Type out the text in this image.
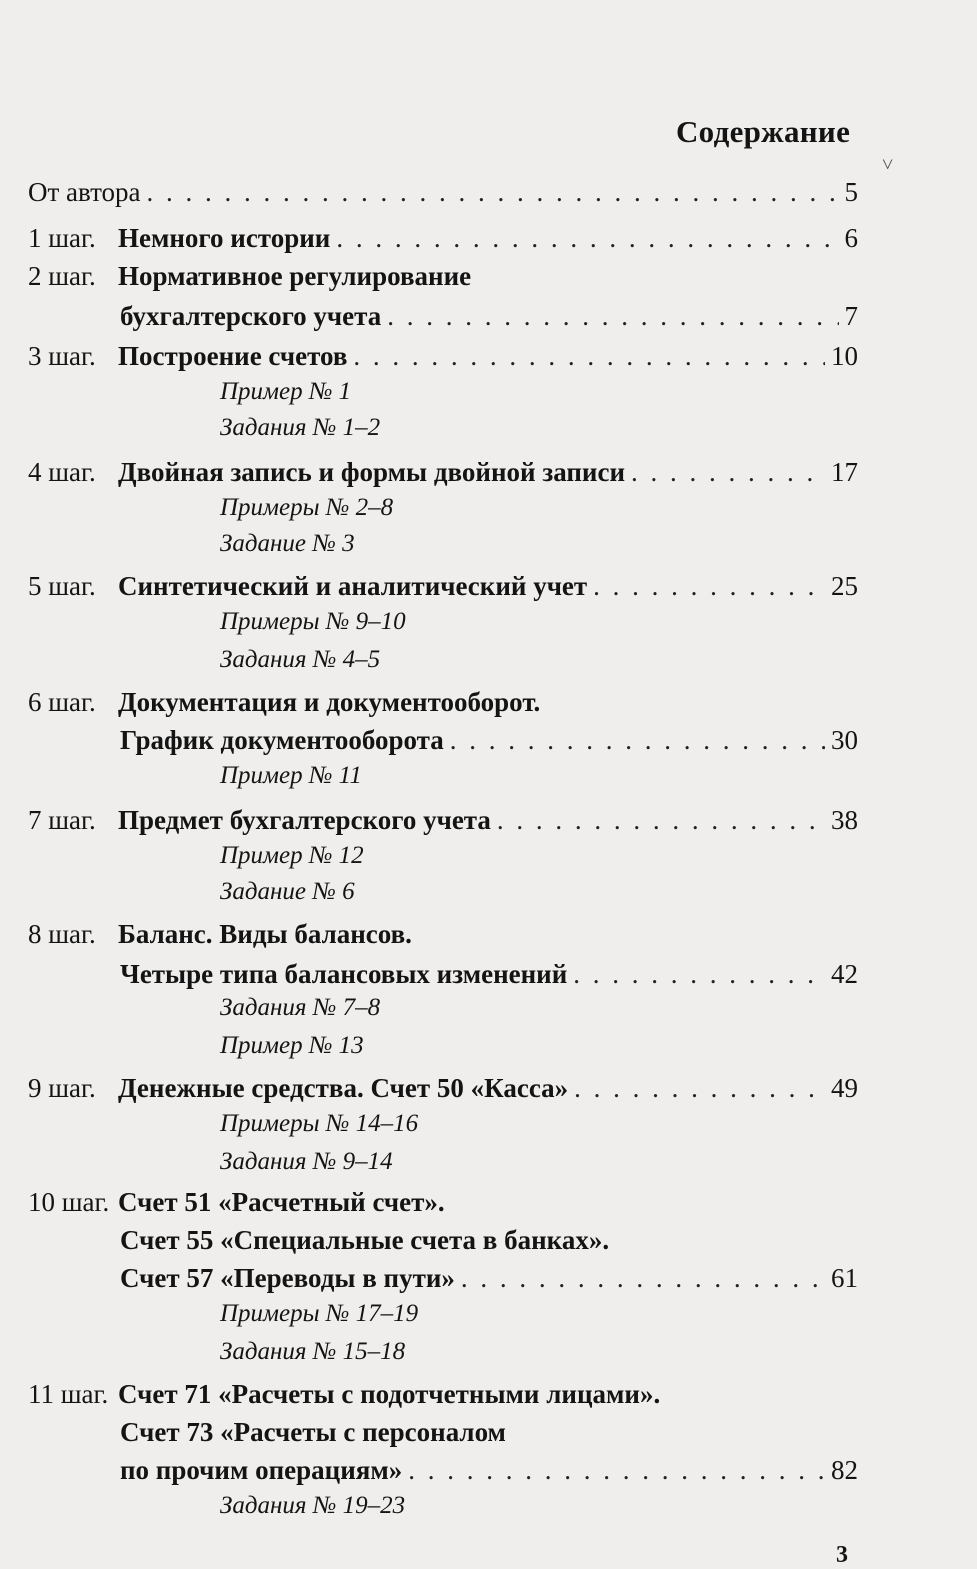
˅
Содержание
От автора . . .	5
1 шаг. Немного истории . . .	6
2 шаг. Нормативное регулирование
бухгалтерского учета . . .	7
3 шаг. Построение счетов . . .	10
Пример № 1
Задания № 1–2
4 шаг. Двойная запись и формы двойной записи . . .	17
Примеры № 2–8
Задание № 3
5 шаг. Синтетический и аналитический учет . . .	25
Примеры № 9–10
Задания № 4–5
6 шаг. Документация и документооборот.
График документооборота . . .	30
Пример № 11
7 шаг. Предмет бухгалтерского учета . . .	38
Пример № 12
Задание № 6
8 шаг. Баланс. Виды балансов.
Четыре типа балансовых изменений . . .	42
Задания № 7–8
Пример № 13
9 шаг. Денежные средства. Счет 50 «Касса» . . .	49
Примеры № 14–16
Задания № 9–14
10 шаг. Счет 51 «Расчетный счет».
Счет 55 «Специальные счета в банках».
Счет 57 «Переводы в пути» . . .	61
Примеры № 17–19
Задания № 15–18
11 шаг. Счет 71 «Расчеты с подотчетными лицами».
Счет 73 «Расчеты с персоналом
по прочим операциям» . . .	82
Задания № 19–23
3
